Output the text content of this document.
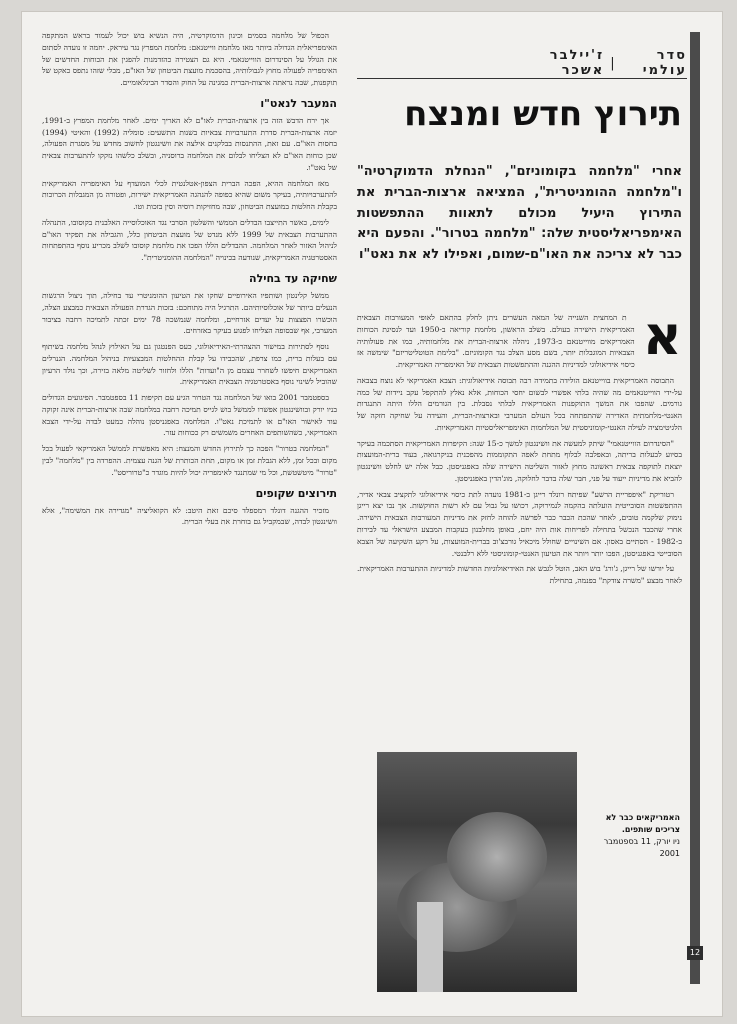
סדר עולמי
|
ז'יילבר אשכר
12
תירוץ חדש ומנצח
אחרי "מלחמה בקומוניזם", "הנחלת הדמוקרטיה" ו"מלחמה ההומניטרית", המציאה ארצות-הברית את התירוץ היעיל מכולם לתאוות ההתפשטות האימפריאליסטית שלה: "מלחמה בטרור". והפעם היא כבר לא צריכה את האו"ם-שמום, ואפילו לא את נאט"ו
א

ת המחצית השנייה של המאה העשרים ניתן לחלק בהתאם לאופי המעורבות הצבאית האמריקאית הישירה בעולם. בשלב הראשון, מלחמת קוריאה ב-1950 ועד לנסיגת הכוחות האמריקאים מווייטנאם ב-1973, ניהלה ארצות-הברית את מלחמותיה, כמו את פעולותיה הצבאיות המוגבלות יותר, בשם מסע הצלב נגד הקומוניזם. "בלימת הטוטליטריזם" שימשה אז כיסוי אידיאולוגי למדיניות ההגנה וההתפשטות הצבאית של האימפריה האמריקאית.

התבוסה האמריקאית בווייטנאם הולידה בתמידה רבה תבוסה אידיאולוגית: הצבא האמריקאי לא נוצח בצבאה על-ידי הווייטנאמים מה שהיה בלתי אפשרי לבשום יחסי הכוחות, אלא נאלץ להתקפל עקב ניידות של כמה גורמים. שהפכו את המשך התוקפנות האמריקאית לבלתי נסבלת. בין הגורמים הללו היתה התנגדות האנטי-מלחמתית האדירה שהתפתחה בכל העולם המערבי ובארצות-הברית, והעידה על שחיקה חזקה של הלגיטימציה לעילה האנטי-קומוניסטית של המלחמות האימפריאליסטיות האמריקאיות.

"הסינדרום הווייטנאמי" שיתק למעשה את וושינגטון למשך כ-15 שנה: הקיפרות האמריקאית הסתכמה בעיקר בסיוע לבעלות בריתה, ובאפלבה לבלוף מתחת לאפה התקוממות מהפכנית בניקרגואה, בעוד ברית-המועצות יוצאת לתוקפה צבאית ראשונה מחוץ לאזור השליטה הישירה שלה באפגניסטן. כבל אלה יש לחלט וושינגטון להביא את מדיניות ייעוד על פני, חבר שלה בדבר לחלוקה, מוג'הדין באפגניסטן.

רטוריקת "איפפריית הרשע" שפיתח רונלד רייגן ב-1981 נועדה לתת כיסוי אידיאולוגי לתקציב צבאי אדיר, ההתפשטות הסובייטית הועלתה בהקמה לנמירוקה, רכושו על גבול עם לא רשות החוקשות. אך נבו יצא רייגן נימוק שלקמה טובים, לאחר שהכת הכבר כבר לפרשה להוחה לחזק את מדיניות המעורבות הצבאית הישירה. אחרי שהכבד הנכשל בתחילה לפריחות אות היה יחם, באופן מחלבנון בעקבות המבצע הישראלי עד לבירות ב-1982 - הסתיים באסון. אם השינויים שחולל מיכאיל גורבצ'וב בברית-המועצות, על רקע השקיעה של הצבא הסובייטי באפגניסטן, הפכו יותר ויותר את הטיעון האנטי-קומוניסטי ללא רלבנטי.

על יורשו של רייגן, ג'ורג' בוש האב, הוטל לגבש את האידיאולוגיות החדשות למדיניות ההתערבות האמריקאית. לאחר מבצע "משרה צודקת" בפנמה, בתחילת

האמריקאים כבר לא צריכים שותפים.
ניו יורק, 11 בספטמבר 2001

הכפול של מלחמה בסמים וכינון הדמוקרטיה, היה הנשיא בוש יכול לעמוד בראש המתקפה האימפריאלית הגדולה ביותר מאז מלחמת ווייטנאם: מלחמת המפרץ נגד עיראק. יחמה זו נועדה לסתום את הגולל על הסינדרום הווייטנאמי. היא גם הצטירה כהזדמנות להפגין את הכוחות החדשים של האימפריה לפעולה מחוץ לגבולותיה, בהסכמת מועצת הביטחון של האו"ם, מבלי שזהו נתפס כאקט של תוקפנות, שבה נראתה ארצות-הברית כמגינה על החוק והסדר הבינלאומיים.

המעבר לנאט"ו

אך ירח הדבש הזה בין ארצות-הברית לאו"ם לא האריך ימים. לאחר מלחמת המפרץ ב-1991, יזמה ארצות-הברית סדרת התערבויות צבאיות בשנות התשעים: סומליה (1992) והאיטי (1994) בחסות האו"ם. עם זאת, ההתנסות בבלקנים אילצה את וושינגטון לחשוב מחדש על מסגרת הפעולה, שכן כוחות האו"ם לא הצליחו לבלום את המלחמה ברוסניה, ובשלב כלשהו נזקקו להתערבות צבאית של נאט"ו.

מאז המלחמה ההיא, הפכה הברית הצפון-אטלנטית לכלי המועדף על האימפריה האמריקאית להתערבויותיה, בעיקר משום שהיא כפופה להנהגה האמריקאית ישירות, ופטורה מן המגבלות הכרוכות בקבלת החלטות במועצת הביטחון, שבה מחזיקות רוסיה וסין בזכות וטו.

לימים, כאשר התייצבו הבדלים הממשי והשלטון הסרבי נגד האוכלוסייה האלבנית בקוסובו, התנהלה ההתערבות הצבאית של 1999 ללא מנדט של מועצת הביטחון כלל, והגבילה את תפקיד האו"ם לניהול האזור לאחר המלחמה. ההבדלים הללו הפכו את מלחמת קוסובו לשלב מכריע נוסף בהתפתחות האסטרטגיה האמריקאית, שנודעה בכינויה "המלחמה ההומניטרית".

שחיקה עד בחילה

ממשל קלינטון ושותפיו האירופיים שחקו את הטיעון ההומניטרי עד בחילה, תוך ניצול הרגשות הנעלים ביותר של אוכלוסיותיהם. התרגיל היה מתוחכם: בזכות הגדרת הפעולה הצבאית כמבצע הצלה, הוכשרו הפצצות על יעדים אזרחיים, ומלחמה שנמשכה 78 ימים זכתה לתמיכה רחבה בציבור המערבי, אף שבסופה הצליחו לפגוע בעיקר באזרחים.

נוסף לסתירות במישור ההצהרתי-האידיאולוגי, כעס הפנטגון גם על האילוץ לנהל מלחמה בשיתוף עם בעלות ברית, כמו צרפת, שהכבידו על קבלת ההחלטות המבצעיות בניהול המלחמה. הגנרלים האמריקאים חיפשו לשחרר עצמם מן ה"ועדות" הללו ולחזור לשליטה מלאה בזירה, וכך נולד הרעיון שהוביל לשינוי נוסף באסטרטגיה הצבאית האמריקאית.

בספטמבר 2001 בואו של המלחמה נגד הטרור הגיע עם תקיפות 11 בספטמבר. הפיגועים הגדולים בניו יורק ובוושינגטון אפשרו לממשל בוש לגייס תמיכה רחבה במלחמה שבה ארצות-הברית אינה זקוקה עוד לאישור האו"ם או לתמיכת נאט"ו. המלחמה באפגניסטן נוהלה כמעט לבדה על-ידי הצבא האמריקאי, כשהשותפים האחרים משמשים רק ככוחות עזר.

"המלחמה בטרור" הפכה כך לתירוץ החדש והמנצח: היא מאפשרת לממשל האמריקאי לפעול בכל מקום ובכל זמן, ללא הגבלת זמן או מקום, תחת הכותרת של הגנה עצמית. ההפרדה בין "מלחמה" לבין "טרור" מיטשטשת, וכל מי שמתנגד לאימפריה יכול להיות מוגדר כ"טרוריסט".

תירוצים שקופים

מזכיר ההגנה דונלד רמספלד סיכם זאת היטב: לא הקואליציה "מגדירה את המשימה", אלא וושינגטון לבדה, שבמקביל גם בוחרת את בעלי הברית.
